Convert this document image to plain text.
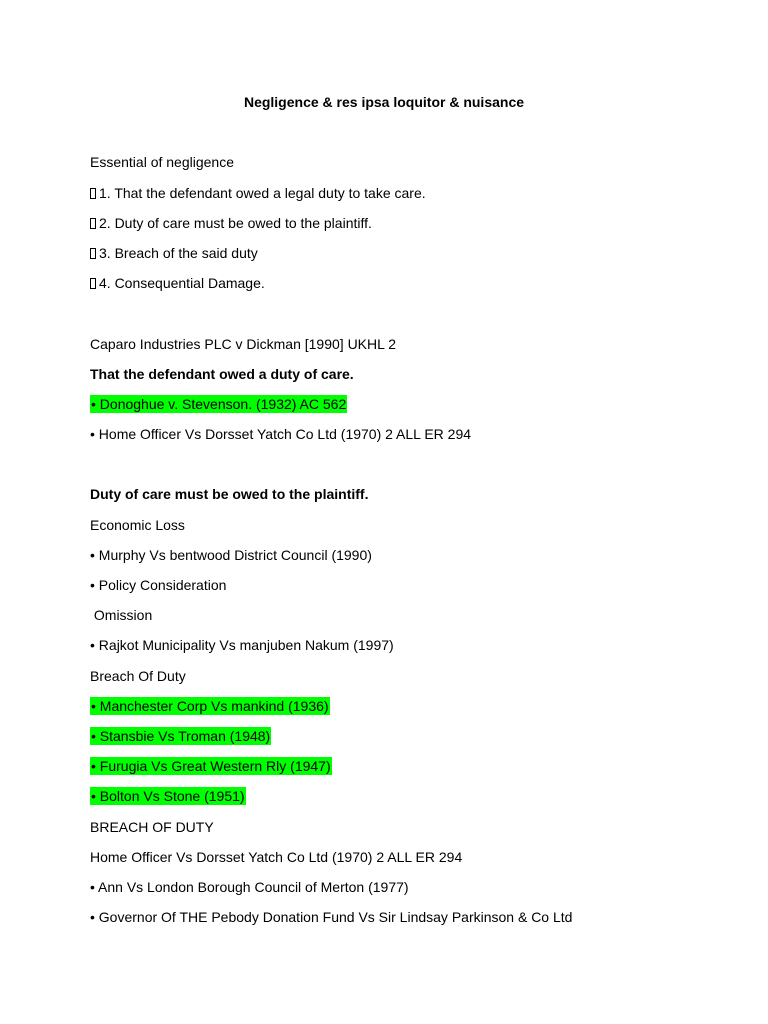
Negligence & res ipsa loquitor & nuisance
Essential of negligence
1. That the defendant owed a legal duty to take care.
2. Duty of care must be owed to the plaintiff.
3. Breach of the said duty
4. Consequential Damage.
Caparo Industries PLC v Dickman [1990] UKHL 2
That the defendant owed a duty of care.
• Donoghue v. Stevenson. (1932) AC 562
• Home Officer Vs Dorsset Yatch Co Ltd (1970) 2 ALL ER 294
Duty of care must be owed to the plaintiff.
Economic Loss
• Murphy Vs bentwood District Council (1990)
• Policy Consideration
Omission
• Rajkot Municipality Vs manjuben Nakum (1997)
Breach Of Duty
• Manchester Corp Vs mankind (1936)
• Stansbie Vs Troman (1948)
• Furugia Vs Great Western Rly (1947)
• Bolton Vs Stone (1951)
BREACH OF DUTY
Home Officer Vs Dorsset Yatch Co Ltd (1970) 2 ALL ER 294
• Ann Vs London Borough Council of Merton (1977)
• Governor Of THE Pebody Donation Fund Vs Sir Lindsay Parkinson & Co Ltd
